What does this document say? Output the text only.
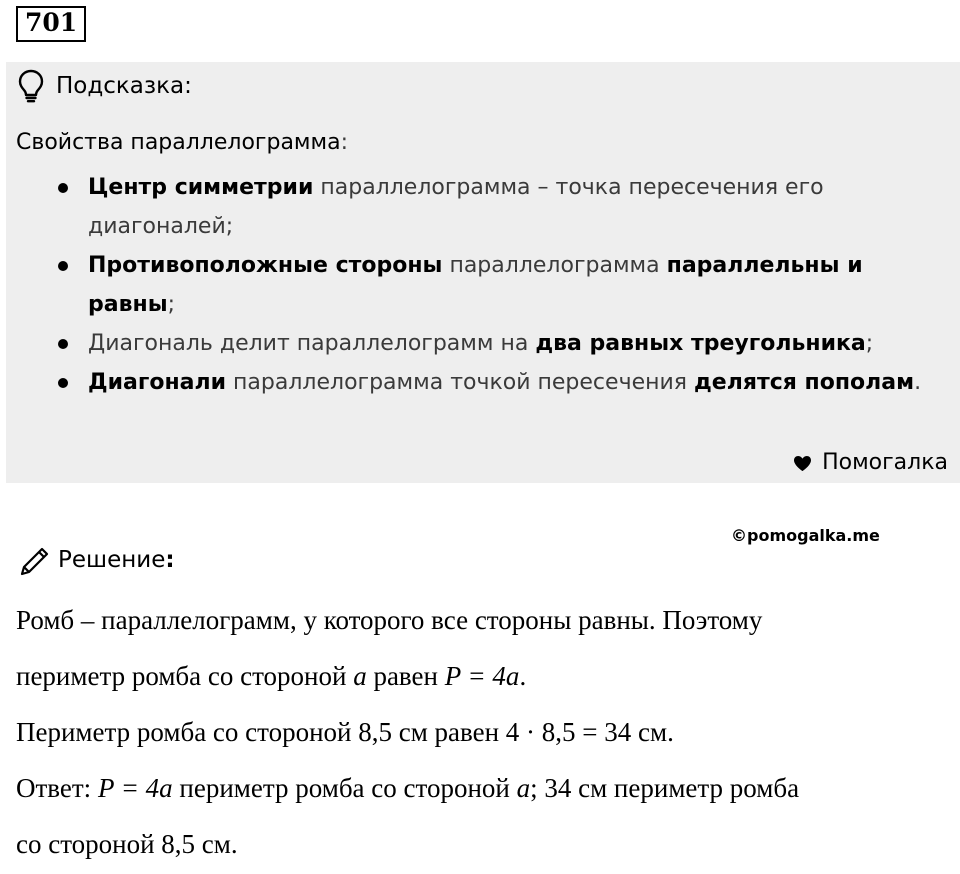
701
Подсказка:
Свойства параллелограмма:
Центр симметрии параллелограмма – точка пересечения его диагоналей;
Противоположные стороны параллелограмма параллельны и равны;
Диагональ делит параллелограмм на два равных треугольника;
Диагонали параллелограмма точкой пересечения делятся пополам.
Помогалка
©pomogalka.me
Решение:

Ромб – параллелограмм, у которого все стороны равны. Поэтому

периметр ромба со стороной a равен P = 4a.

Периметр ромба со стороной 8,5 см равен 4 · 8,5 = 34 см.

Ответ: P = 4a периметр ромба со стороной a; 34 см периметр ромба

со стороной 8,5 см.
